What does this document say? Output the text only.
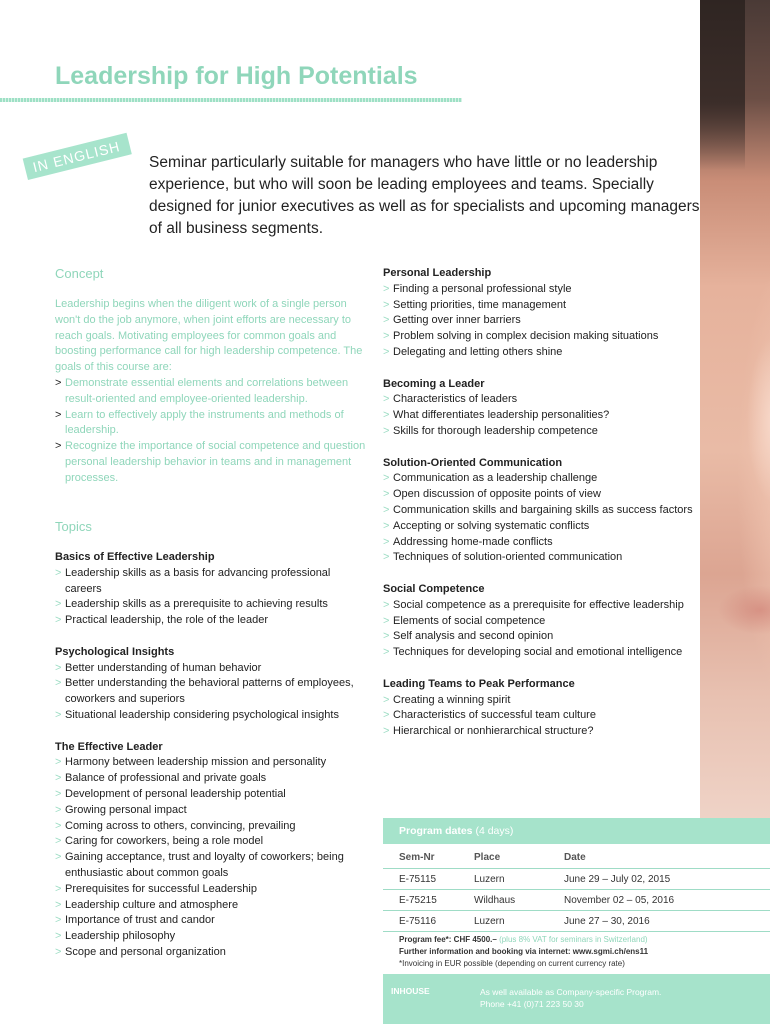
Leadership for High Potentials
IN ENGLISH	Seminar particularly suitable for managers who have little or no leadership experience, but who will soon be leading employees and teams. Specially designed for junior executives as well as for specialists and upcoming managers of all business segments.
Concept
Leadership begins when the diligent work of a single person won't do the job anymore, when joint efforts are necessary to reach goals. Motivating employees for common goals and boosting performance call for high leadership competence. The goals of this course are:
> Demonstrate essential elements and correlations between result-oriented and employee-oriented leadership.
> Learn to effectively apply the instruments and methods of leadership.
> Recognize the importance of social competence and question personal leadership behavior in teams and in management processes.
Topics
Basics of Effective Leadership
> Leadership skills as a basis for advancing professional careers
> Leadership skills as a prerequisite to achieving results
> Practical leadership, the role of the leader
Psychological Insights
> Better understanding of human behavior
> Better understanding the behavioral patterns of employees, coworkers and superiors
> Situational leadership considering psychological insights
The Effective Leader
> Harmony between leadership mission and personality
> Balance of professional and private goals
> Development of personal leadership potential
> Growing personal impact
> Coming across to others, convincing, prevailing
> Caring for coworkers, being a role model
> Gaining acceptance, trust and loyalty of coworkers; being enthusiastic about common goals
> Prerequisites for successful Leadership
> Leadership culture and atmosphere
> Importance of trust and candor
> Leadership philosophy
> Scope and personal organization
Personal Leadership
> Finding a personal professional style
> Setting priorities, time management
> Getting over inner barriers
> Problem solving in complex decision making situations
> Delegating and letting others shine
Becoming a Leader
> Characteristics of leaders
> What differentiates leadership personalities?
> Skills for thorough leadership competence
Solution-Oriented Communication
> Communication as a leadership challenge
> Open discussion of opposite points of view
> Communication skills and bargaining skills as success factors
> Accepting or solving systematic conflicts
> Addressing home-made conflicts
> Techniques of solution-oriented communication
Social Competence
> Social competence as a prerequisite for effective leadership
> Elements of social competence
> Self analysis and second opinion
> Techniques for developing social and emotional intelligence
Leading Teams to Peak Performance
> Creating a winning spirit
> Characteristics of successful team culture
> Hierarchical or nonhierarchical structure?
Program dates (4 days)
Sem-Nr	Place	Date
E-75115	Luzern	June 29 – July 02, 2015
E-75215	Wildhaus	November 02 – 05, 2016
E-75116	Luzern	June 27 – 30, 2016
Program fee*: CHF 4500.– (plus 8% VAT for seminars in Switzerland)
Further information and booking via internet: www.sgmi.ch/ens11
*Invoicing in EUR possible (depending on current currency rate)
INHOUSE	As well available as Company-specific Program.
Phone +41 (0)71 223 50 30
